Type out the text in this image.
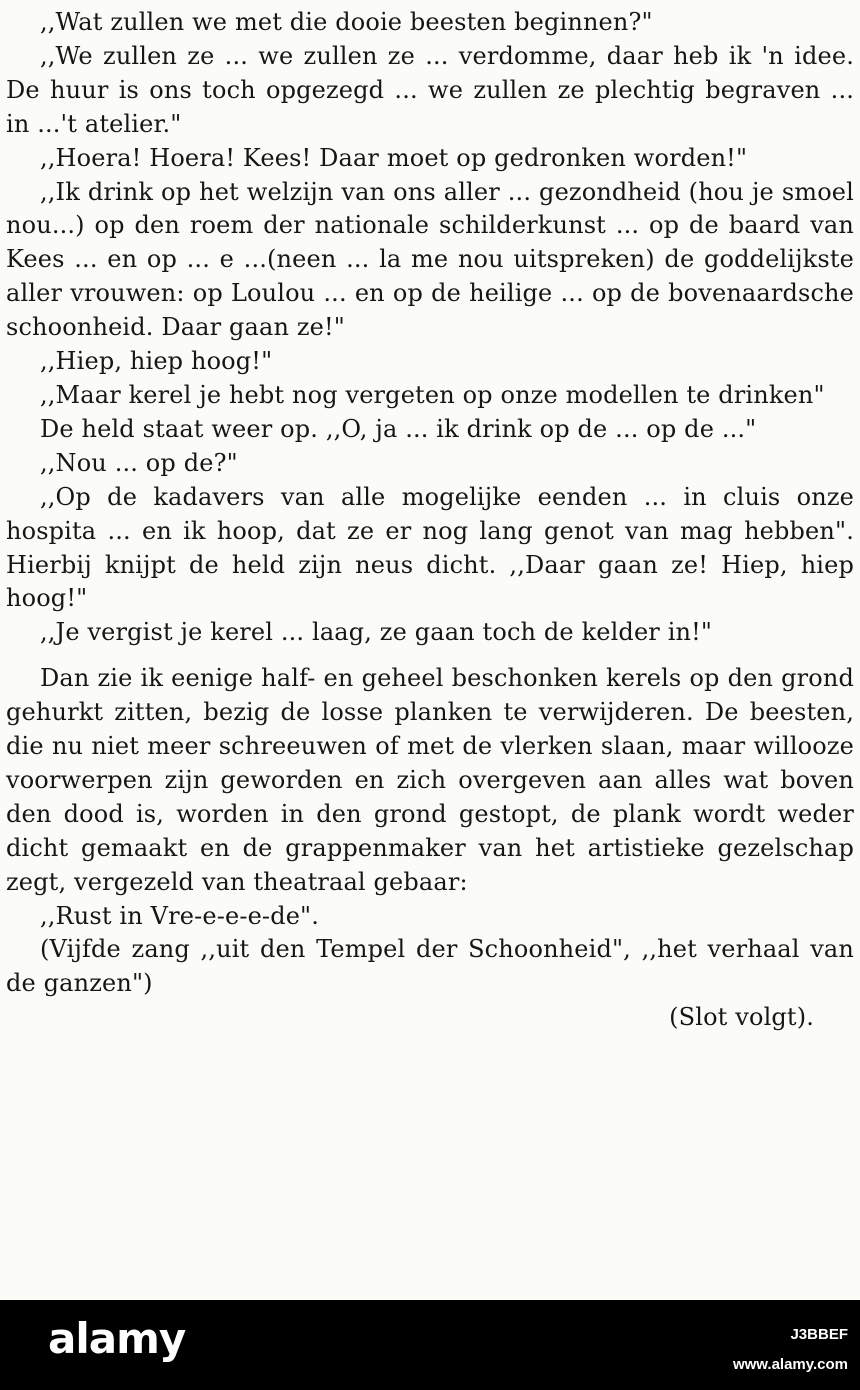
,,Wat zullen we met die dooie beesten beginnen?"

,,We zullen ze ... we zullen ze ... verdomme, daar heb ik 'n idee. De huur is ons toch opgezegd ... we zullen ze plechtig begraven ... in ...'t atelier."

,,Hoera! Hoera! Kees! Daar moet op gedronken worden!"

,,Ik drink op het welzijn van ons aller ... gezondheid (hou je smoel nou...) op den roem der nationale schilderkunst ... op de baard van Kees ... en op ... e ...(neen ... la me nou uitspreken) de goddelijkste aller vrouwen: op Loulou ... en op de heilige ... op de bovenaardsche schoonheid. Daar gaan ze!"

,,Hiep, hiep hoog!"

,,Maar kerel je hebt nog vergeten op onze modellen te drinken"

De held staat weer op. ,,O, ja ... ik drink op de ... op de ..."

,,Nou ... op de?"

,,Op de kadavers van alle mogelijke eenden ... in cluis onze hospita ... en ik hoop, dat ze er nog lang genot van mag hebben". Hierbij knijpt de held zijn neus dicht. ,,Daar gaan ze! Hiep, hiep hoog!"

,,Je vergist je kerel ... laag, ze gaan toch de kelder in!"

Dan zie ik eenige half- en geheel beschonken kerels op den grond gehurkt zitten, bezig de losse planken te verwijderen. De beesten, die nu niet meer schreeuwen of met de vlerken slaan, maar willooze voorwerpen zijn geworden en zich overgeven aan alles wat boven den dood is, worden in den grond gestopt, de plank wordt weder dicht gemaakt en de grappenmaker van het artistieke gezelschap zegt, vergezeld van theatraal gebaar:

,,Rust in Vre-e-e-e-de".

(Vijfde zang ,,uit den Tempel der Schoonheid", ,,het verhaal van de ganzen")

(Slot volgt).

alamy	J3BBEF
www.alamy.com
